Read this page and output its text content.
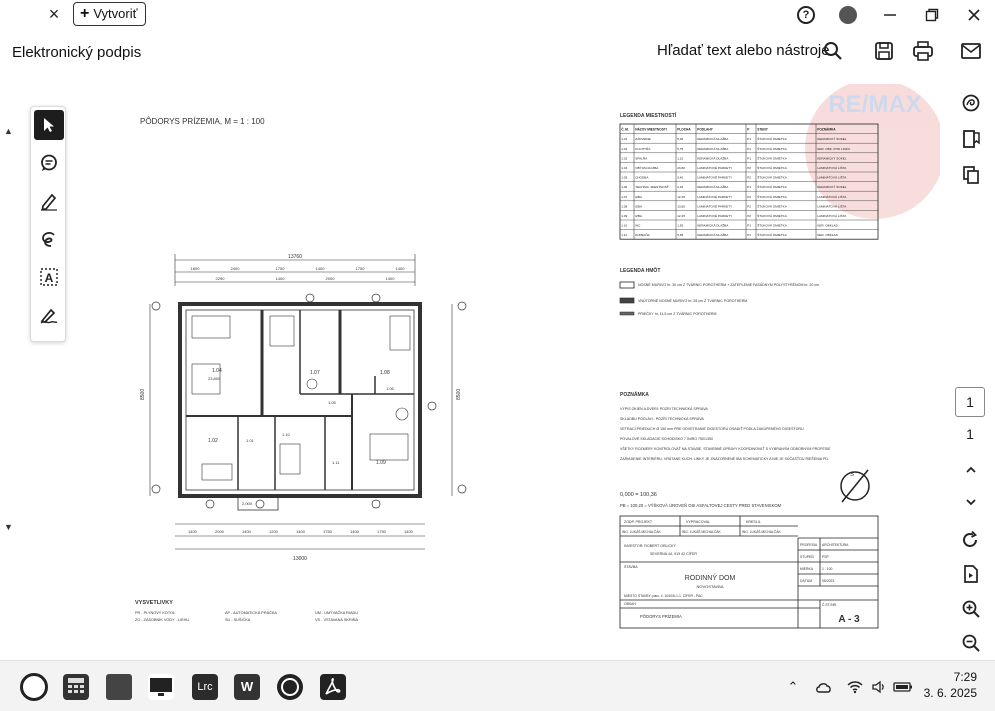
× + Vytvoriť	?
Elektronický podpis	Hľadať text alebo nástroje
▲
▼
A
RE/MAX
PÔDORYS PRÍZEMIA, M = 1 : 100
13760
1800	2400	1750	1400	1750	1400
2290	1400	2000	1400
13000
8500	8500
1400	2000	1400	1200	1400	1750	1400	1750	1400
1.04
23,800
1.07	1.08
1.09
1.05
1.06
1.02	1.01
1.11
1.10
2,000
VYSVETLIVKY
PR - PLYNOVÝ KOTOL
ZO - ZÁSOBNÍK VODY - LIEHU
AP - AUTOMATICKÁ PRÁČKA
SU - SUŠIČKA
UM - UMÝVAČKA RIADU
VS - VSTAVANÁ SKRIŇA
LEGENDA MIESTNOSTÍ
Č. M. NÁZOV MIESTNOSTI	PLOCHA PODLAHY	P STENY	POZNÁMKA
1.01	ZÁDVERIE	5,36	KERAMICKÁ DLAŽBA	P1 ŠTUKOVÁ OMIETKA	KERAMICKÝ SOKEL
1.02	KUCHYŇA	5,75	KERAMICKÁ DLAŽBA	P1 ŠTUKOVÁ OMIETKA	KER. OBK. POD LINKU
1.03	SPALŇA	1,15	KERAMICKÁ DLAŽBA	P1 ŠTUKOVÁ OMIETKA	KERAMICKÝ SOKEL
1.04	OBÝVACIA IZBA	23,80	LAMINÁTOVÉ PARKETY	P2 ŠTUKOVÁ OMIETKA	LAMINÁTOVÁ LIŠTA
1.05	CHODBA	3,40	LAMINÁTOVÉ PARKETY	P2 ŠTUKOVÁ OMIETKA	LAMINÁTOVÁ LIŠTA
1.06	TECHNIC. MIESTNOSŤ	2,16	KERAMICKÁ DLAŽBA	P1 ŠTUKOVÁ OMIETKA	KERAMICKÝ SOKEL
1.07	IZBA	12,45	LAMINÁTOVÉ PARKETY	P2 ŠTUKOVÁ OMIETKA	LAMINÁTOVÁ LIŠTA
1.08	IZBA	13,85	LAMINÁTOVÉ PARKETY	P2 ŠTUKOVÁ OMIETKA	LAMINÁTOVÁ LIŠTA
1.09	IZBA	12,45	LAMINÁTOVÉ PARKETY	P2 ŠTUKOVÁ OMIETKA	LAMINÁTOVÁ LIŠTA
1.10	WC	1,55	KERAMICKÁ DLAŽBA	P1 ŠTUKOVÁ OMIETKA	KER. OBKLAD
1.11	KÚPEĽŇA	5,65	KERAMICKÁ DLAŽBA	P1 ŠTUKOVÁ OMIETKA	KER. OBKLAD
LEGENDA HMÔT
NOSNÉ MURIVO hr. 30 cm Z TVÁRNIC POROTHERM + ZATEPLENIE FASÁDNYM POLYSTYRÉNOM hr. 20 cm
VNÚTORNÉ NOSNÉ MURIVO hr. 25 cm Z TVÁRNIC POROTHERM
PRIEČKY hr. 11,5 cm Z TVÁRNIC POROTHERM
POZNÁMKA
VÝPIS OKIEN A DVERÍ: POZRI TECHNICKÁ SPRÁVA
SKLADBU PODLÁH - POZRI TECHNICKÁ SPRÁVA
VETRACÍ PRIEDUCH Ø 150 mm PRE ODVETRANIE DIGESTORU OSADIŤ PODĽA ZAKÚPENÉHO DIGESTORU
POVALOVÉ SKLADACIE SCHODISKO 7 INIRO 750/1350
VŠETKY ROZMERY KONTROLOVAŤ NA STAVBE, STAVEBNÉ ÚPRAVY KOORDINOVAŤ S VYBRANÝM ODBORNÝM PROFESIE
ZARIADENIE INTERIÉRU, VRÁTANE KUCH. LINKY JE ZNÁZORNENÉ IBA SCHEMATICKY A NIE JE SÚČASŤOU RIEŠENIA PD.
S
0,000 = 100,36
PB = 100,20 = VÝŠKOVÁ ÚROVEŇ OSI ASFALTOVEJ CESTY PRED STAVENISKOM
ZODP. PROJEKT	VYPRACOVAL	KRESLIL
ING. LUKÁŠ MICHALČÁK	ING. LUKÁŠ MICHALČÁK	ING. LUKÁŠ MICHALČÁK
INVESTOR: ROBERT ORLICKÝ
SEVERNÁ 44, 919 42 CÍFER
PROFESIA ARCHITEKTÚRA
STUPEŇ PSP
MIERKA	1 : 100
DÁTUM	05/2023
STAVBA
RODINNÝ DOM
NOVOSTAVBA
MIESTO STAVBY: parc. č. 1040/6-1-1, CÍFER - PAC
OBSAH
PÔDORYS PRÍZEMIA
Č.ST./NR.
A - 3
1
1
Lrc	W	⌃
7:29
3. 6. 2025
